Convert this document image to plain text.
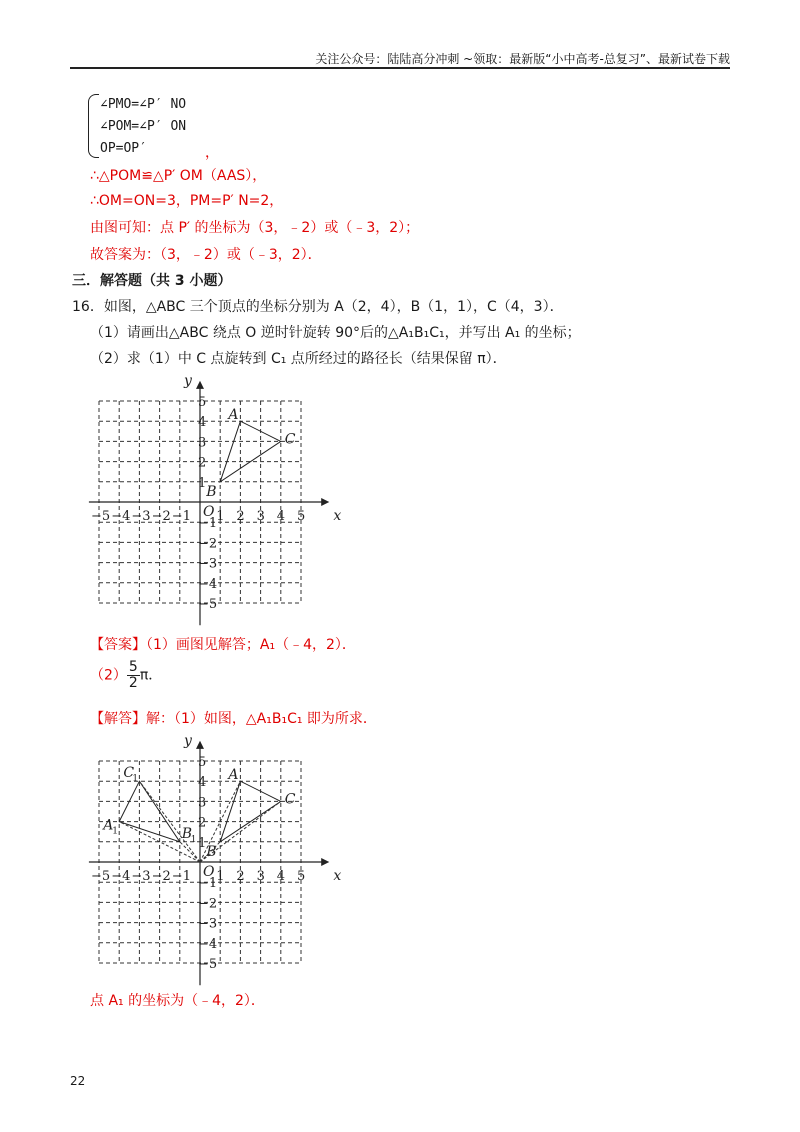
关注公众号：陆陆高分冲刺 ~领取：最新版“小中高考-总复习”、最新试卷下载
∠PMO=∠P′ NO
∠POM=∠P′ ON
OP=OP′	，
∴△POM≌△P′ OM（AAS），
∴OM=ON=3，PM=P′ N=2，
由图可知：点 P′ 的坐标为（3，﹣2）或（﹣3，2）；
故答案为：（3，﹣2）或（﹣3，2）．
三．解答题（共 3 小题）
16．如图，△ABC 三个顶点的坐标分别为 A（2，4），B（1，1），C（4，3）．
（1）请画出△ABC 绕点 O 逆时针旋转 90°后的△A₁B₁C₁，并写出 A₁ 的坐标；
（2）求（1）中 C 点旋转到 C₁ 点所经过的路径长（结果保留 π）．
x
y
O
−5 −4 −3 −2 −1 1 2 3 4 5
−5
−4
−3
−2
−1
1
2
3
4
5
A
B
C
【答案】（1）画图见解答；A₁（﹣4，2）．
$(2) \frac{5}{2}$ π．
【解答】解：（1）如图，△A₁B₁C₁ 即为所求．
x
y
O
−5 −4 −3 −2 −1 1 2 3 4 5
−5
−4
−3
−2
−1
1
2
3
4
5
A
B
C
A
1	B
1
C
1
点 A₁ 的坐标为（﹣4，2）．
22
